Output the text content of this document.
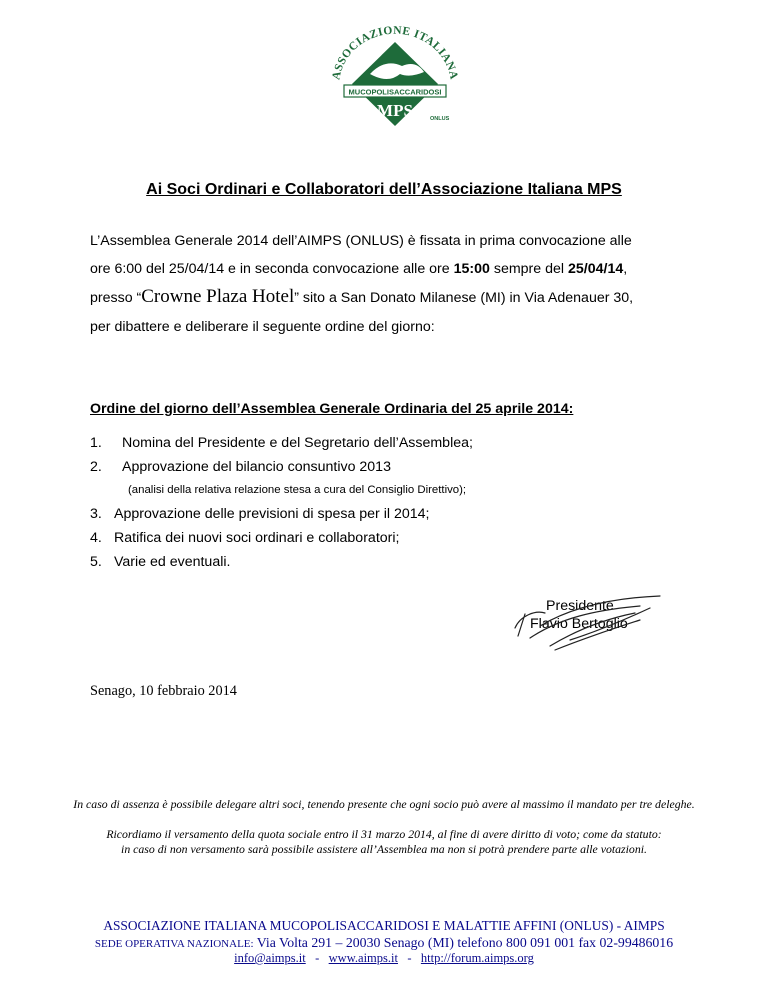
ASSOCIAZIONE ITALIANA
MUCOPOLISACCARIDOSI
MPS	ONLUS
Ai Soci Ordinari e Collaboratori dell’Associazione Italiana MPS
L’Assemblea Generale 2014 dell’AIMPS (ONLUS) è fissata in prima convocazione alle
ore 6:00 del 25/04/14 e in seconda convocazione alle ore 15:00 sempre del 25/04/14,
presso “Crowne Plaza Hotel” sito a San Donato Milanese (MI) in Via Adenauer 30,
per dibattere e deliberare il seguente ordine del giorno:
Ordine del giorno dell’Assemblea Generale Ordinaria del 25 aprile 2014:
1. Nomina del Presidente e del Segretario dell’Assemblea;
2. Approvazione del bilancio consuntivo 2013
(analisi della relativa relazione stesa a cura del Consiglio Direttivo);
3. Approvazione delle previsioni di spesa per il 2014;
4. Ratifica dei nuovi soci ordinari e collaboratori;
5. Varie ed eventuali.
Presidente
Flavio Bertoglio
Senago, 10 febbraio 2014
In caso di assenza è possibile delegare altri soci, tenendo presente che ogni socio può avere al massimo il mandato per tre deleghe.
Ricordiamo il versamento della quota sociale entro il 31 marzo 2014, al fine di avere diritto di voto; come da statuto:
in caso di non versamento sarà possibile assistere all’Assemblea ma non si potrà prendere parte alle votazioni.
ASSOCIAZIONE ITALIANA MUCOPOLISACCARIDOSI E MALATTIE AFFINI (ONLUS) - AIMPS
SEDE OPERATIVA NAZIONALE: Via Volta 291 – 20030 Senago (MI) telefono 800 091 001 fax 02-99486016
info@aimps.it - www.aimps.it - http://forum.aimps.org
